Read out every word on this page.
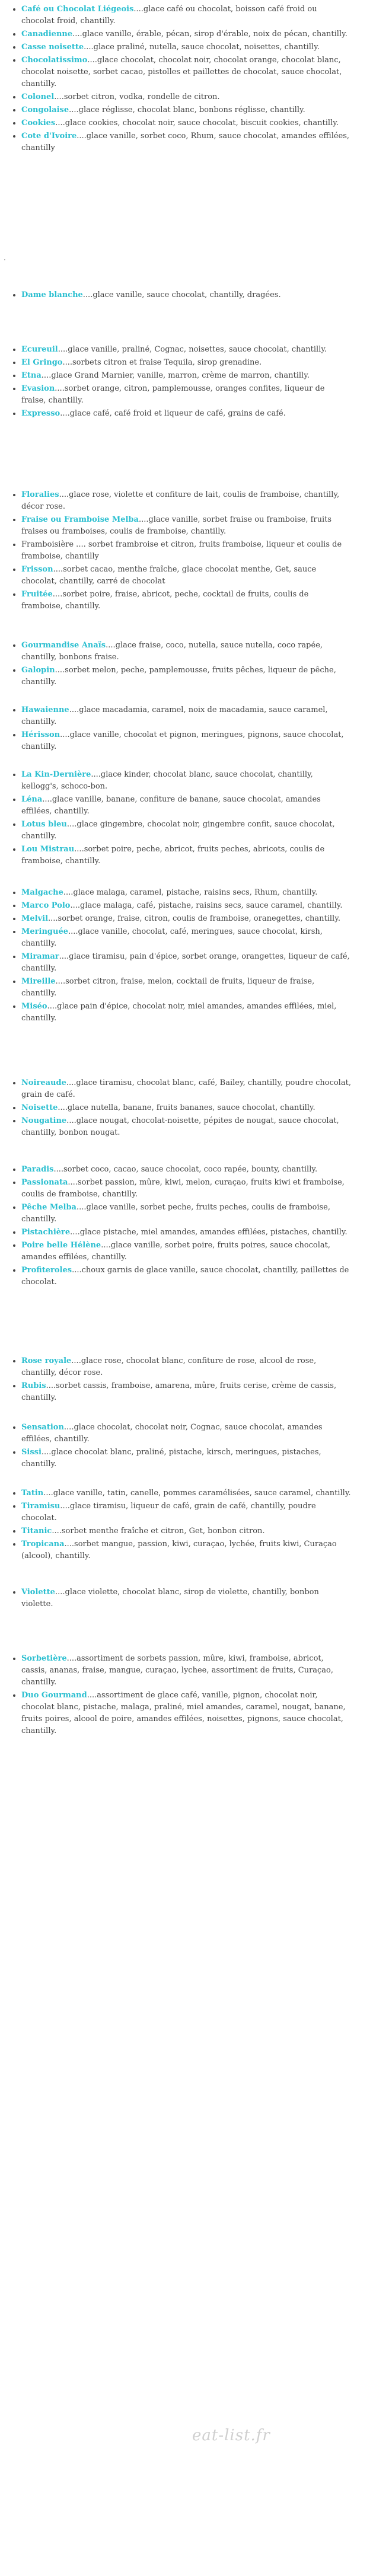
• Café ou Chocolat Liégeois....glace café ou chocolat, boisson café froid ou chocolat froid, chantilly.
• Canadienne....glace vanille, érable, pécan, sirop d'érable, noix de pécan, chantilly.
• Casse noisette....glace praliné, nutella, sauce chocolat, noisettes, chantilly.
• Chocolatissimo....glace chocolat, chocolat noir, chocolat orange, chocolat blanc, chocolat noisette, sorbet cacao, pistolles et paillettes de chocolat, sauce chocolat, chantilly.
• Colonel....sorbet citron, vodka, rondelle de citron.
• Congolaise....glace réglisse, chocolat blanc, bonbons réglisse, chantilly.
• Cookies....glace cookies, chocolat noir, sauce chocolat, biscuit cookies, chantilly.
• Cote d'Ivoire....glace vanille, sorbet coco, Rhum, sauce chocolat, amandes effilées, chantilly
• Dame blanche....glace vanille, sauce chocolat, chantilly, dragées.
• Ecureuil....glace vanille, praliné, Cognac, noisettes, sauce chocolat, chantilly.
• El Gringo....sorbets citron et fraise Tequila, sirop grenadine.
• Etna....glace Grand Marnier, vanille, marron, crème de marron, chantilly.
• Evasion....sorbet orange, citron, pamplemousse, oranges confites, liqueur de fraise, chantilly.
• Expresso....glace café, café froid et liqueur de café, grains de café.
• Floralies....glace rose, violette et confiture de lait, coulis de framboise, chantilly, décor rose.
• Fraise ou Framboise Melba....glace vanille, sorbet fraise ou framboise, fruits fraises ou framboises, coulis de framboise, chantilly.
• Framboisière .... sorbet frambroise et citron, fruits framboise, liqueur et coulis de framboise, chantilly
• Frisson....sorbet cacao, menthe fraîche, glace chocolat menthe, Get, sauce chocolat, chantilly, carré de chocolat
• Fruitée....sorbet poire, fraise, abricot, peche, cocktail de fruits, coulis de framboise, chantilly.
• Gourmandise Anaïs....glace fraise, coco, nutella, sauce nutella, coco rapée, chantilly, bonbons fraise.
• Galopin....sorbet melon, peche, pamplemousse, fruits pêches, liqueur de pêche, chantilly.
• Hawaienne....glace macadamia, caramel, noix de macadamia, sauce caramel, chantilly.
• Hérisson....glace vanille, chocolat et pignon, meringues, pignons, sauce chocolat, chantilly.
• La Kin-Dernière....glace kinder, chocolat blanc, sauce chocolat, chantilly, kellogg's, schoco-bon.
• Léna....glace vanille, banane, confiture de banane, sauce chocolat, amandes effilées, chantilly.
• Lotus bleu....glace gingembre, chocolat noir, gingembre confit, sauce chocolat, chantilly.
• Lou Mistrau....sorbet poire, peche, abricot, fruits peches, abricots, coulis de framboise, chantilly.
• Malgache....glace malaga, caramel, pistache, raisins secs, Rhum, chantilly.
• Marco Polo....glace malaga, café, pistache, raisins secs, sauce caramel, chantilly.
• Melvil....sorbet orange, fraise, citron, coulis de framboise, oranegettes, chantilly.
• Meringuée....glace vanille, chocolat, café, meringues, sauce chocolat, kirsh, chantilly.
• Miramar....glace tiramisu, pain d'épice, sorbet orange, orangettes, liqueur de café, chantilly.
• Mireille....sorbet citron, fraise, melon, cocktail de fruits, liqueur de fraise, chantilly.
• Miséo....glace pain d'épice, chocolat noir, miel amandes, amandes effilées, miel, chantilly.
• Noireaude....glace tiramisu, chocolat blanc, café, Bailey, chantilly, poudre chocolat, grain de café.
• Noisette....glace nutella, banane, fruits bananes, sauce chocolat, chantilly.
• Nougatine....glace nougat, chocolat-noisette, pépites de nougat, sauce chocolat, chantilly, bonbon nougat.
• Paradis....sorbet coco, cacao, sauce chocolat, coco rapée, bounty, chantilly.
• Passionata....sorbet passion, mûre, kiwi, melon, curaçao, fruits kiwi et framboise, coulis de framboise, chantilly.
• Pêche Melba....glace vanille, sorbet peche, fruits peches, coulis de framboise, chantilly.
• Pistachière....glace pistache, miel amandes, amandes effilées, pistaches, chantilly.
• Poire belle Hélène....glace vanille, sorbet poire, fruits poires, sauce chocolat, amandes effilées, chantilly.
• Profiteroles....choux garnis de glace vanille, sauce chocolat, chantilly, paillettes de chocolat.
• Rose royale....glace rose, chocolat blanc, confiture de rose, alcool de rose, chantilly, décor rose.
• Rubis....sorbet cassis, framboise, amarena, mûre, fruits cerise, crème de cassis, chantilly.
• Sensation....glace chocolat, chocolat noir, Cognac, sauce chocolat, amandes effilées, chantilly.
• Sissi....glace chocolat blanc, praliné, pistache, kirsch, meringues, pistaches, chantilly.
• Tatin....glace vanille, tatin, canelle, pommes caramélisées, sauce caramel, chantilly.
• Tiramisu....glace tiramisu, liqueur de café, grain de café, chantilly, poudre chocolat.
• Titanic....sorbet menthe fraîche et citron, Get, bonbon citron.
• Tropicana....sorbet mangue, passion, kiwi, curaçao, lychée, fruits kiwi, Curaçao (alcool), chantilly.
• Violette....glace violette, chocolat blanc, sirop de violette, chantilly, bonbon violette.
• Sorbetière....assortiment de sorbets passion, mûre, kiwi, framboise, abricot, cassis, ananas, fraise, mangue, curaçao, lychee, assortiment de fruits, Curaçao, chantilly.
• Duo Gourmand....assortiment de glace café, vanille, pignon, chocolat noir, chocolat blanc, pistache, malaga, praliné, miel amandes, caramel, nougat, banane, fruits poires, alcool de poire, amandes effilées, noisettes, pignons, sauce chocolat, chantilly.
.
eat-list.fr
